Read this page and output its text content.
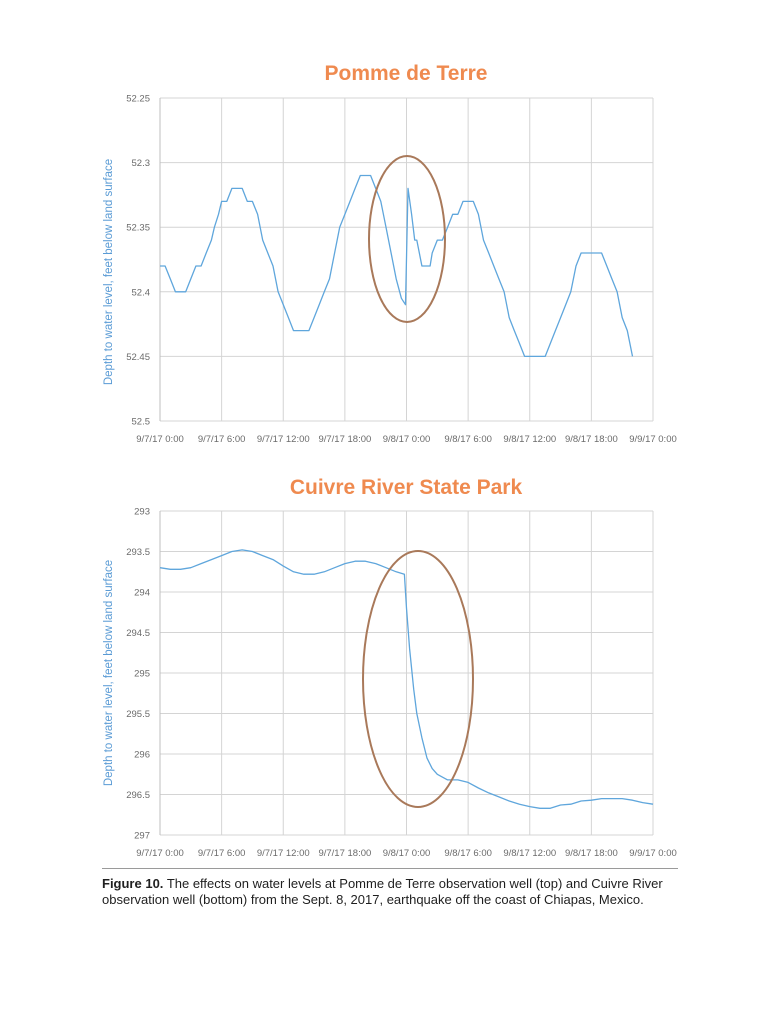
Pomme de Terre
Depth to water level, feet below land surface
52.25
52.3
52.35
52.4
52.45
52.5
9/7/17 0:00 9/7/17 6:00 9/7/17 12:00 9/7/17 18:00 9/8/17 0:00 9/8/17 6:00 9/8/17 12:00 9/8/17 18:00 9/9/17 0:00
Cuivre River State Park
Depth to water level, feet below land surface
293
293.5
294
294.5
295
295.5
296
296.5
297
9/7/17 0:00 9/7/17 6:00 9/7/17 12:00 9/7/17 18:00 9/8/17 0:00 9/8/17 6:00 9/8/17 12:00 9/8/17 18:00 9/9/17 0:00
Figure 10. The effects on water levels at Pomme de Terre observation well (top) and Cuivre River observation well (bottom) from the Sept. 8, 2017, earthquake off the coast of Chiapas, Mexico.
